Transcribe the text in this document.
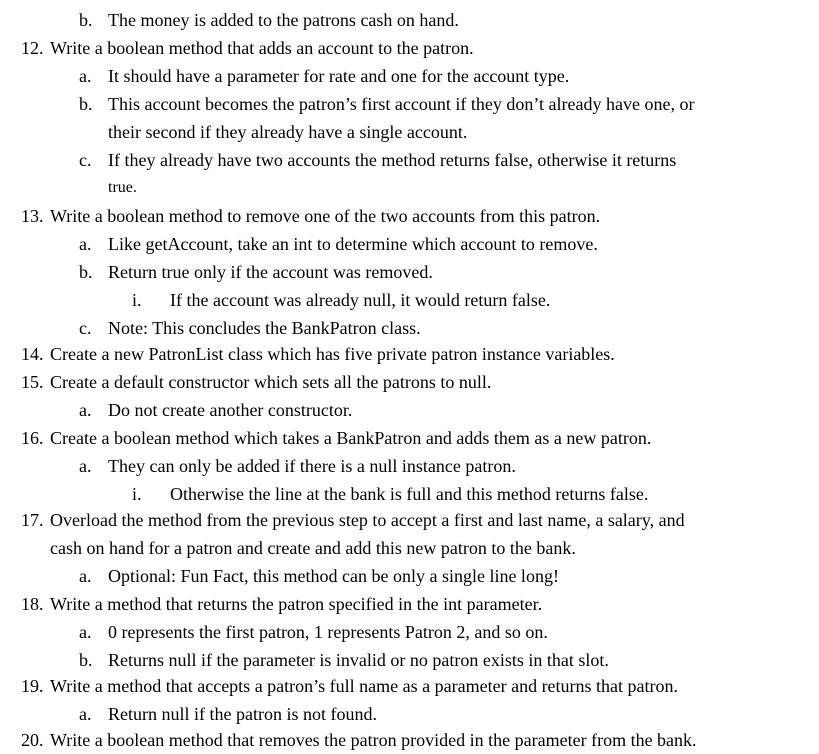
b. The money is added to the patrons cash on hand.
12. Write a boolean method that adds an account to the patron.
a. It should have a parameter for rate and one for the account type.
b. This account becomes the patron’s first account if they don’t already have one, or
their second if they already have a single account.
c. If they already have two accounts the method returns false, otherwise it returns
true.
13. Write a boolean method to remove one of the two accounts from this patron.
a. Like getAccount, take an int to determine which account to remove.
b. Return true only if the account was removed.
i. If the account was already null, it would return false.
c. Note: This concludes the BankPatron class.
14. Create a new PatronList class which has five private patron instance variables.
15. Create a default constructor which sets all the patrons to null.
a. Do not create another constructor.
16. Create a boolean method which takes a BankPatron and adds them as a new patron.
a. They can only be added if there is a null instance patron.
i. Otherwise the line at the bank is full and this method returns false.
17. Overload the method from the previous step to accept a first and last name, a salary, and
cash on hand for a patron and create and add this new patron to the bank.
a. Optional: Fun Fact, this method can be only a single line long!
18. Write a method that returns the patron specified in the int parameter.
a. 0 represents the first patron, 1 represents Patron 2, and so on.
b. Returns null if the parameter is invalid or no patron exists in that slot.
19. Write a method that accepts a patron’s full name as a parameter and returns that patron.
a. Return null if the patron is not found.
20. Write a boolean method that removes the patron provided in the parameter from the bank.
